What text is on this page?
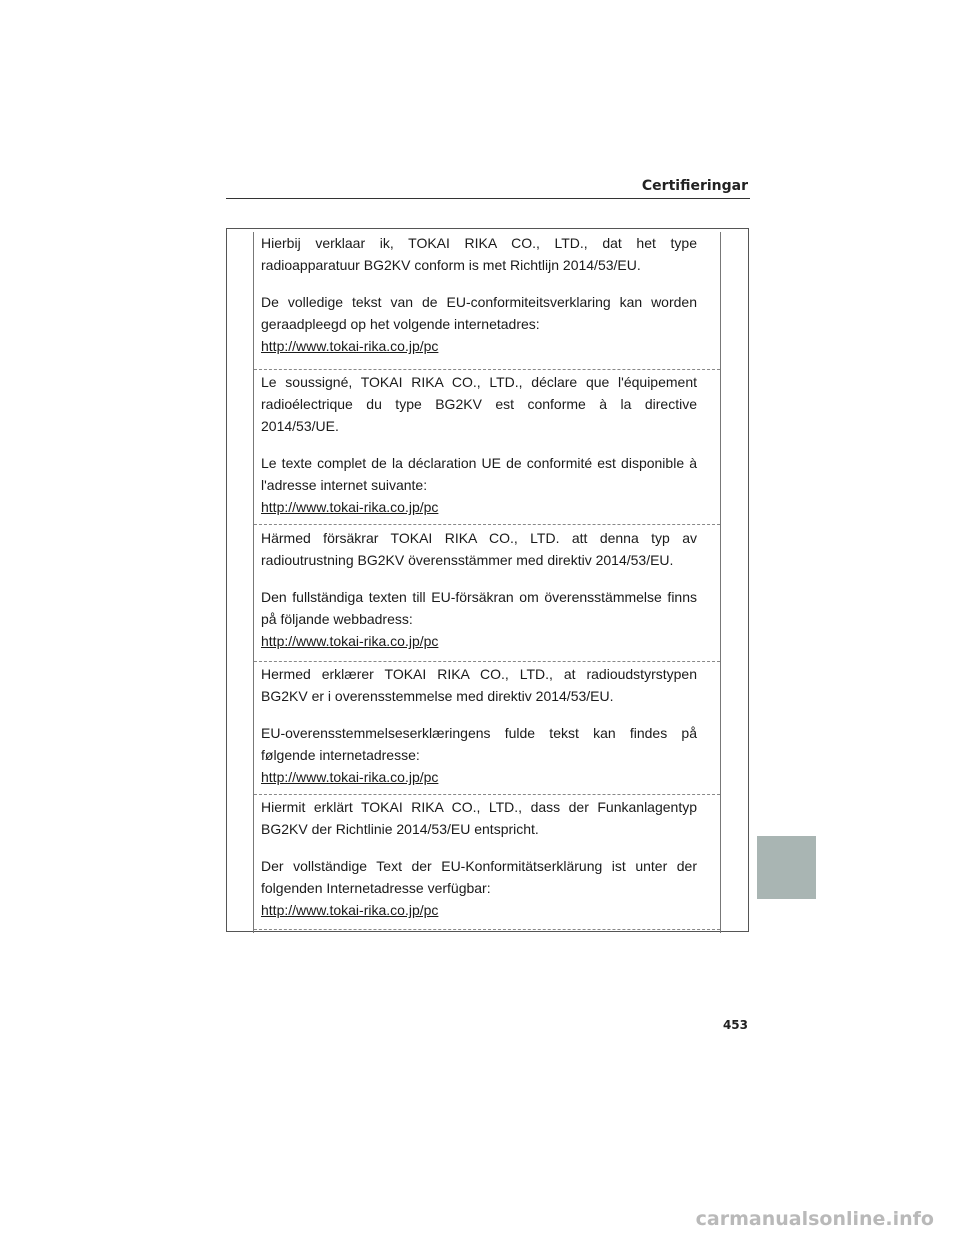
Certifieringar

Hierbij verklaar ik, TOKAI RIKA CO., LTD., dat het type radioapparatuur BG2KV conform is met Richtlijn 2014/53/EU.

De volledige tekst van de EU-conformiteitsverklaring kan worden geraadpleegd op het volgende internetadres:

http://www.tokai-rika.co.jp/pc

Le soussigné, TOKAI RIKA CO., LTD., déclare que l'équipement radioélectrique du type BG2KV est conforme à la directive 2014/53/UE.

Le texte complet de la déclaration UE de conformité est disponible à l'adresse internet suivante:

http://www.tokai-rika.co.jp/pc

Härmed försäkrar TOKAI RIKA CO., LTD. att denna typ av radioutrustning BG2KV överensstämmer med direktiv 2014/53/EU.

Den fullständiga texten till EU-försäkran om överensstämmelse finns på följande webbadress:

http://www.tokai-rika.co.jp/pc

Hermed erklærer TOKAI RIKA CO., LTD., at radioudstyrstypen BG2KV er i overensstemmelse med direktiv 2014/53/EU.

EU-overensstemmelseserklæringens fulde tekst kan findes på følgende internetadresse:

http://www.tokai-rika.co.jp/pc

Hiermit erklärt TOKAI RIKA CO., LTD., dass der Funkanlagentyp BG2KV der Richtlinie 2014/53/EU entspricht.

Der vollständige Text der EU-Konformitätserklärung ist unter der folgenden Internetadresse verfügbar:

http://www.tokai-rika.co.jp/pc

453
carmanualsonline.info
